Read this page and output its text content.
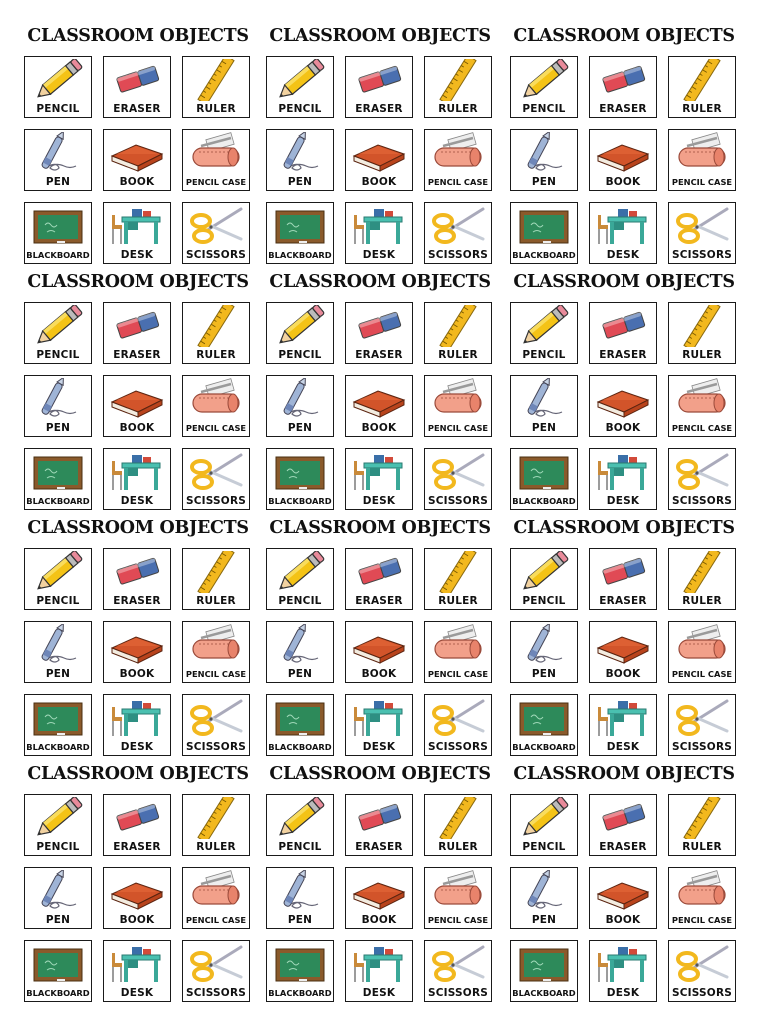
CLASSROOM OBJECTS
PENCIL	ERASER	RULER
PEN	BOOK	PENCIL CASE
BLACKBOARD	DESK	SCISSORS
CLASSROOM OBJECTS
PENCIL	ERASER	RULER
PEN	BOOK	PENCIL CASE
BLACKBOARD	DESK	SCISSORS
CLASSROOM OBJECTS
PENCIL	ERASER	RULER
PEN	BOOK	PENCIL CASE
BLACKBOARD	DESK	SCISSORS
CLASSROOM OBJECTS
PENCIL	ERASER	RULER
PEN	BOOK	PENCIL CASE
BLACKBOARD	DESK	SCISSORS
CLASSROOM OBJECTS
PENCIL	ERASER	RULER
PEN	BOOK	PENCIL CASE
BLACKBOARD	DESK	SCISSORS
CLASSROOM OBJECTS
PENCIL	ERASER	RULER
PEN	BOOK	PENCIL CASE
BLACKBOARD	DESK	SCISSORS
CLASSROOM OBJECTS
PENCIL	ERASER	RULER
PEN	BOOK	PENCIL CASE
BLACKBOARD	DESK	SCISSORS
CLASSROOM OBJECTS
PENCIL	ERASER	RULER
PEN	BOOK	PENCIL CASE
BLACKBOARD	DESK	SCISSORS
CLASSROOM OBJECTS
PENCIL	ERASER	RULER
PEN	BOOK	PENCIL CASE
BLACKBOARD	DESK	SCISSORS
CLASSROOM OBJECTS
PENCIL	ERASER	RULER
PEN	BOOK	PENCIL CASE
BLACKBOARD	DESK	SCISSORS
CLASSROOM OBJECTS
PENCIL	ERASER	RULER
PEN	BOOK	PENCIL CASE
BLACKBOARD	DESK	SCISSORS
CLASSROOM OBJECTS
PENCIL	ERASER	RULER
PEN	BOOK	PENCIL CASE
BLACKBOARD	DESK	SCISSORS
